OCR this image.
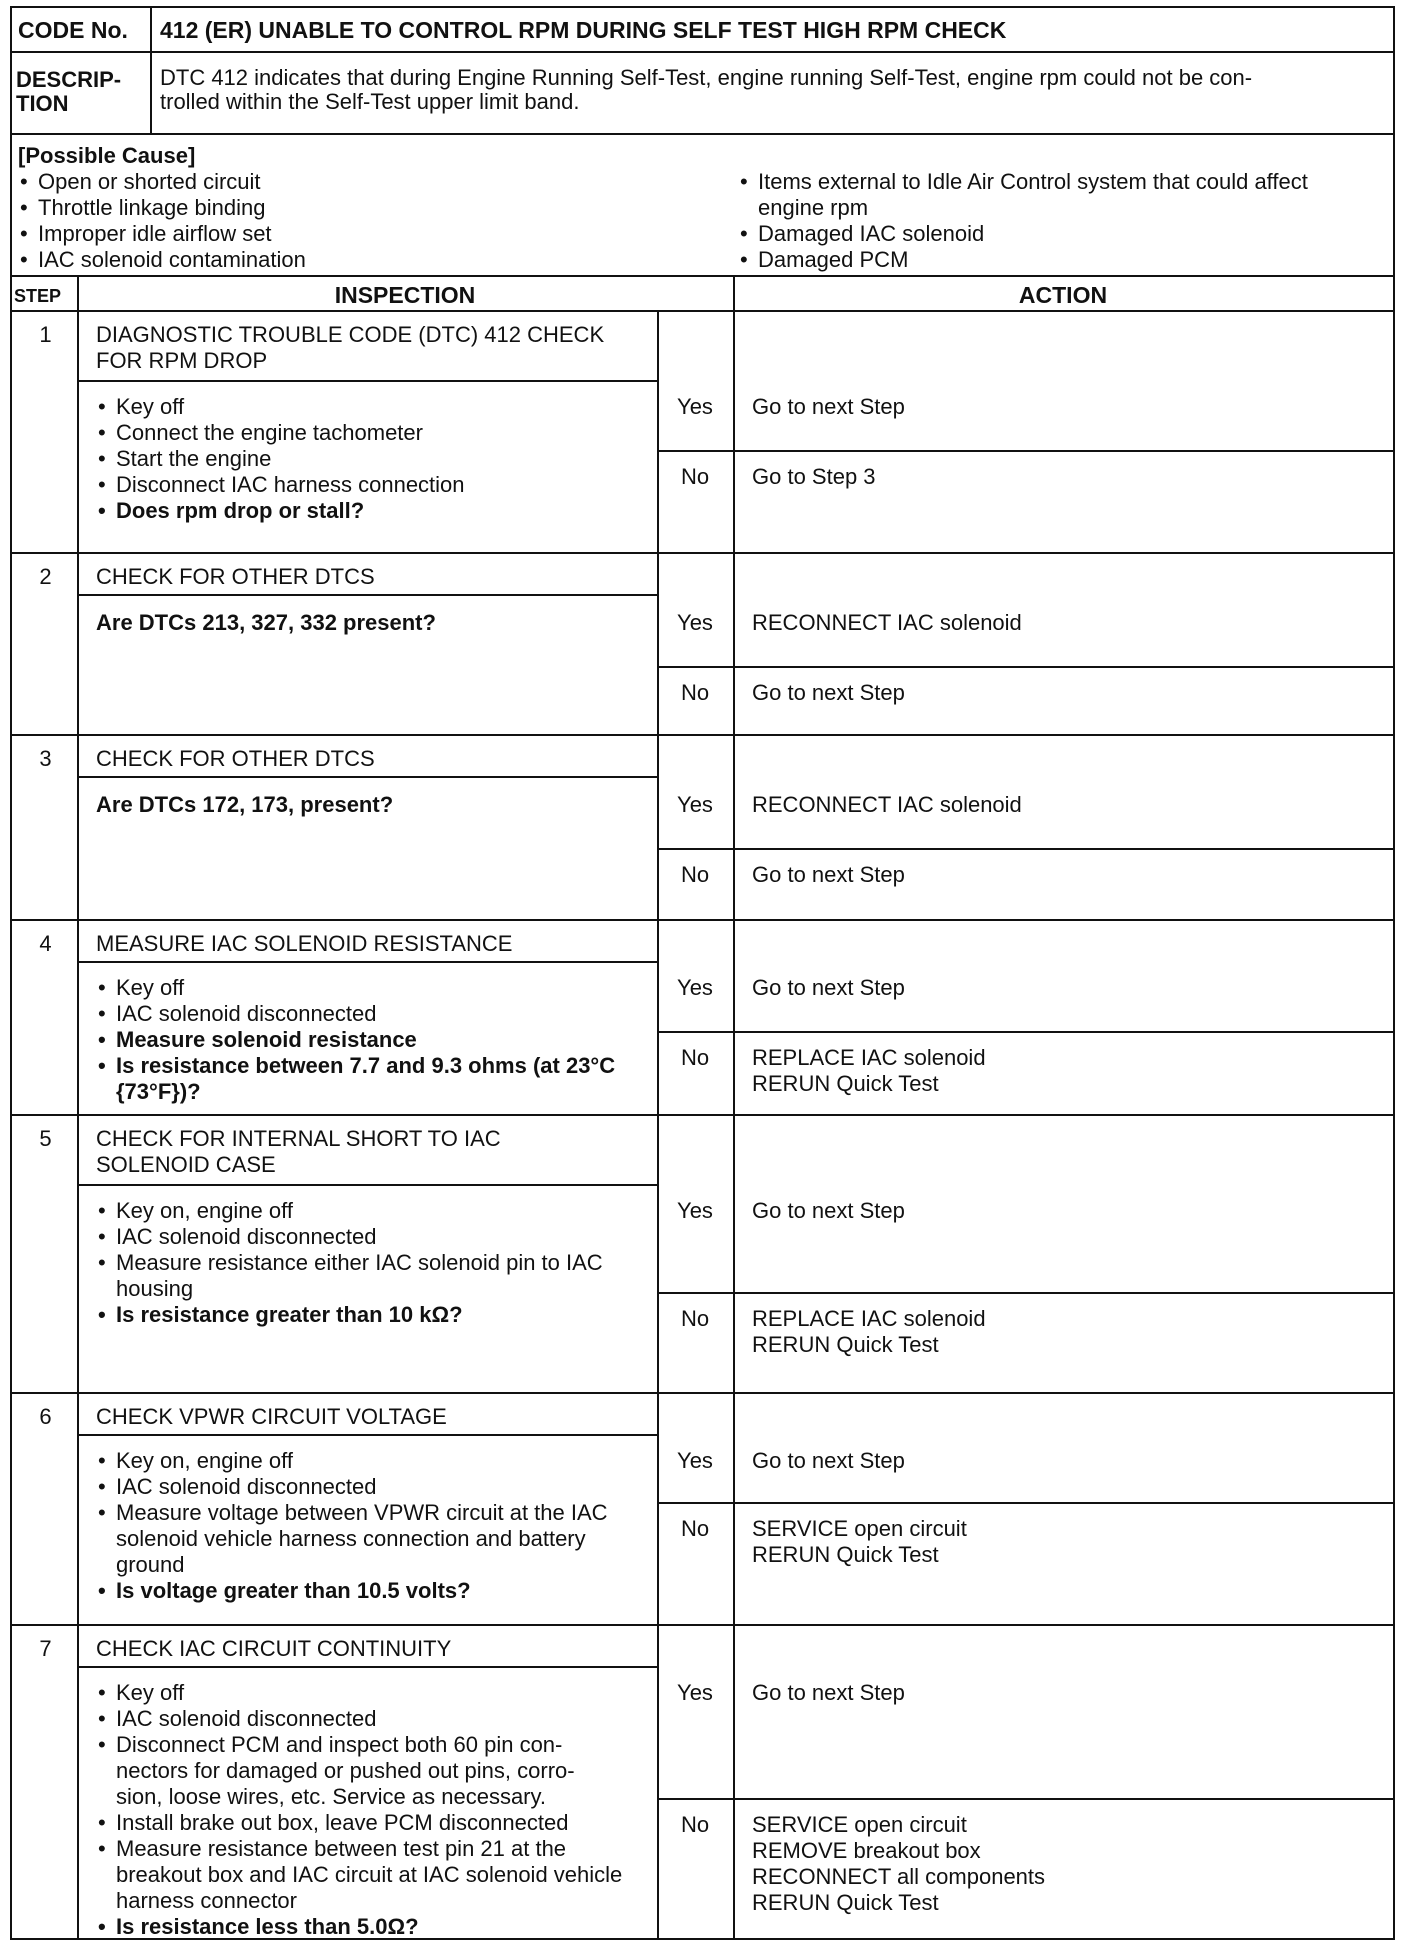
CODE No. 412 (ER) UNABLE TO CONTROL RPM DURING SELF TEST HIGH RPM CHECK
DESCRIP-
TION
DTC 412 indicates that during Engine Running Self-Test, engine running Self-Test, engine rpm could not be con-
trolled within the Self-Test upper limit band.
[Possible Cause]
• Open or shorted circuit
• Throttle linkage binding
• Improper idle airflow set
• IAC solenoid contamination
• Items external to Idle Air Control system that could affect
engine rpm
• Damaged IAC solenoid
• Damaged PCM
STEP	INSPECTION	ACTION
1	DIAGNOSTIC TROUBLE CODE (DTC) 412 CHECK FOR RPM DROP
• Key off
• Connect the engine tachometer
• Start the engine
• Disconnect IAC harness connection
• Does rpm drop or stall?
Yes	Go to next Step
No	Go to Step 3
2	CHECK FOR OTHER DTCS
Are DTCs 213, 327, 332 present?	Yes	RECONNECT IAC solenoid
No	Go to next Step
3	CHECK FOR OTHER DTCS
Are DTCs 172, 173, present?	Yes	RECONNECT IAC solenoid
No	Go to next Step
4	MEASURE IAC SOLENOID RESISTANCE
• Key off
• IAC solenoid disconnected
• Measure solenoid resistance
• Is resistance between 7.7 and 9.3 ohms (at 23°C {73°F})?
Yes	Go to next Step
No	REPLACE IAC solenoid
RERUN Quick Test
5	CHECK FOR INTERNAL SHORT TO IAC SOLENOID CASE
• Key on, engine off
• IAC solenoid disconnected
• Measure resistance either IAC solenoid pin to IAC housing
• Is resistance greater than 10 kΩ?
Yes	Go to next Step
No	REPLACE IAC solenoid
RERUN Quick Test
6	CHECK VPWR CIRCUIT VOLTAGE
• Key on, engine off
• IAC solenoid disconnected
• Measure voltage between VPWR circuit at the IAC solenoid vehicle harness connection and battery ground
• Is voltage greater than 10.5 volts?
Yes	Go to next Step
No	SERVICE open circuit
RERUN Quick Test
7	CHECK IAC CIRCUIT CONTINUITY
• Key off
• IAC solenoid disconnected
• Disconnect PCM and inspect both 60 pin con- nectors for damaged or pushed out pins, corro- sion, loose wires, etc. Service as necessary.
• Install brake out box, leave PCM disconnected
• Measure resistance between test pin 21 at the breakout box and IAC circuit at IAC solenoid vehicle harness connector
• Is resistance less than 5.0Ω?
Yes	Go to next Step
No	SERVICE open circuit
REMOVE breakout box
RECONNECT all components
RERUN Quick Test
